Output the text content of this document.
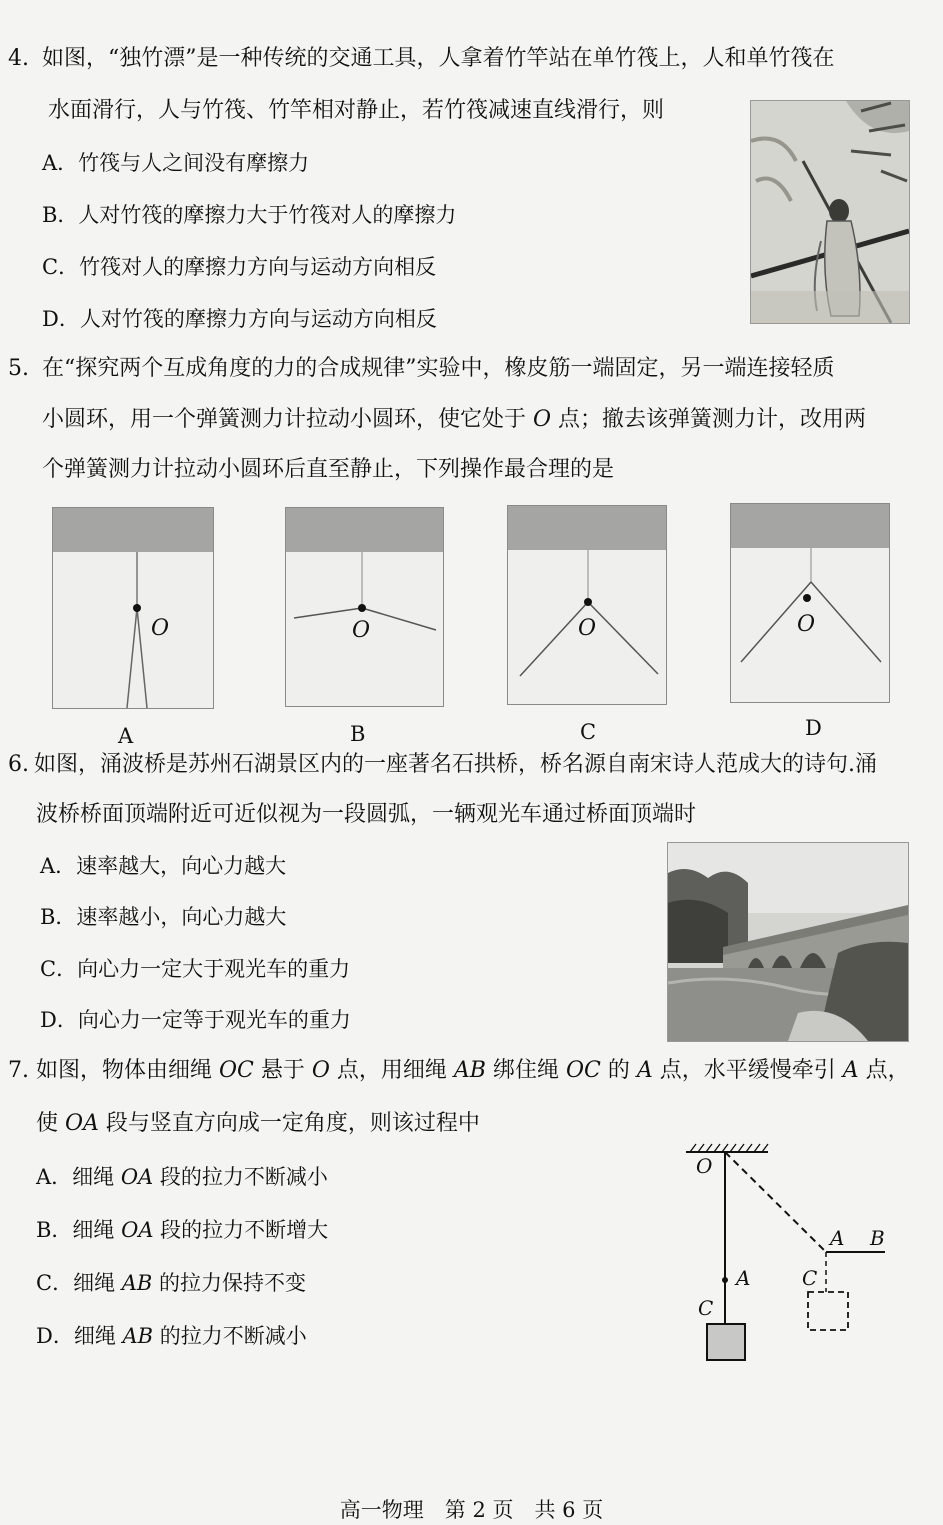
4. 如图，“独竹漂”是一种传统的交通工具，人拿着竹竿站在单竹筏上，人和单竹筏在
水面滑行，人与竹筏、竹竿相对静止，若竹筏减速直线滑行，则
A．竹筏与人之间没有摩擦力
B．人对竹筏的摩擦力大于竹筏对人的摩擦力
C．竹筏对人的摩擦力方向与运动方向相反
D．人对竹筏的摩擦力方向与运动方向相反
5. 在“探究两个互成角度的力的合成规律”实验中，橡皮筋一端固定，另一端连接轻质
小圆环，用一个弹簧测力计拉动小圆环，使它处于 O 点；撤去该弹簧测力计，改用两
个弹簧测力计拉动小圆环后直至静止，下列操作最合理的是
O
A
O
B
O
C
O
D
6. 如图，涌波桥是苏州石湖景区内的一座著名石拱桥，桥名源自南宋诗人范成大的诗句.涌
波桥桥面顶端附近可近似视为一段圆弧，一辆观光车通过桥面顶端时
A．速率越大，向心力越大
B．速率越小，向心力越大
C．向心力一定大于观光车的重力
D．向心力一定等于观光车的重力
7. 如图，物体由细绳 OC 悬于 O 点，用细绳 AB 绑住绳 OC 的 A 点，水平缓慢牵引 A 点，
使 OA 段与竖直方向成一定角度，则该过程中
A．细绳 OA 段的拉力不断减小
B．细绳 OA 段的拉力不断增大
C．细绳 AB 的拉力保持不变
D．细绳 AB 的拉力不断减小
O
A
C
A B
C
高一物理　第 2 页　共 6 页
